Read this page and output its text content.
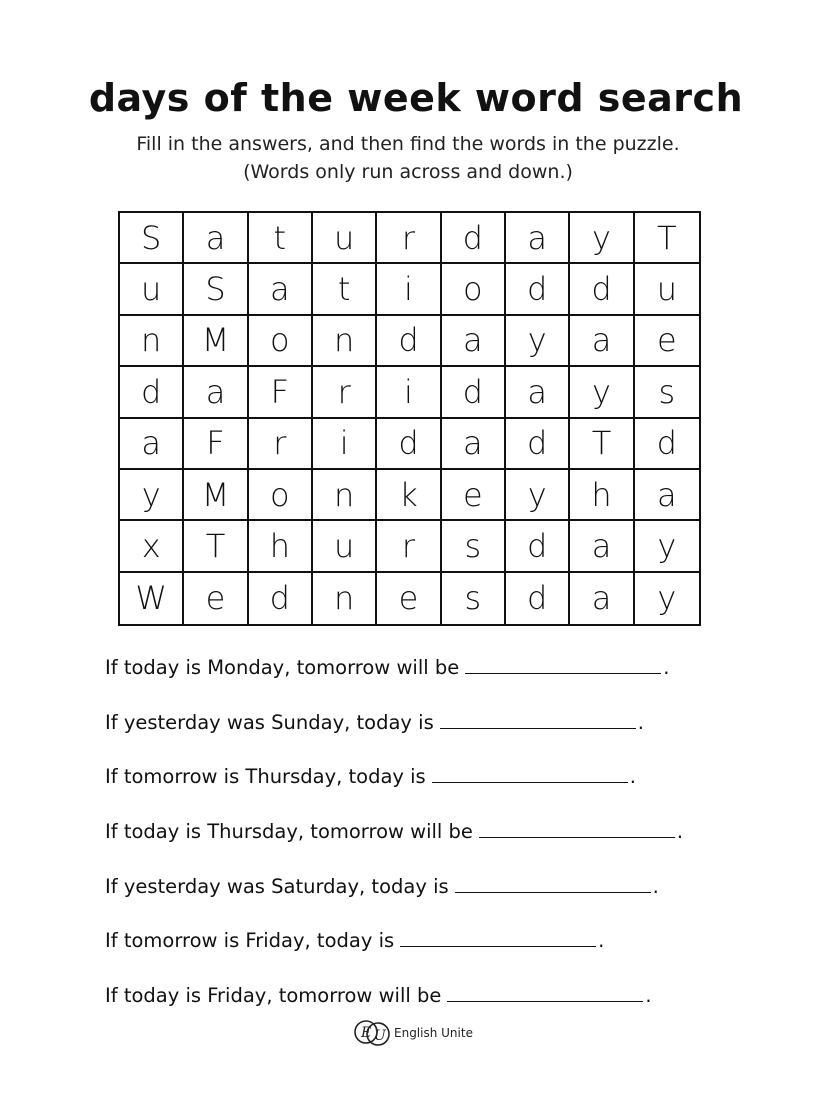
days of the week word search
Fill in the answers, and then find the words in the puzzle.
(Words only run across and down.)
S	a	t	u	r	d	a	y	T
u	S	a	t	i	o	d	d	u
n	M	o	n	d	a	y	a	e
d	a	F	r	i	d	a	y	s
a	F	r	i	d	a	d	T	d
y	M	o	n	k	e	y	h	a
x	T	h	u	r	s	d	a	y
W	e	d	n	e	s	d	a	y
If today is Monday, tomorrow will be	.
If yesterday was Sunday, today is	.
If tomorrow is Thursday, today is	.
If today is Thursday, tomorrow will be	.
If yesterday was Saturday, today is	.
If tomorrow is Friday, today is	.
If today is Friday, tomorrow will be	.
E U English Unite
